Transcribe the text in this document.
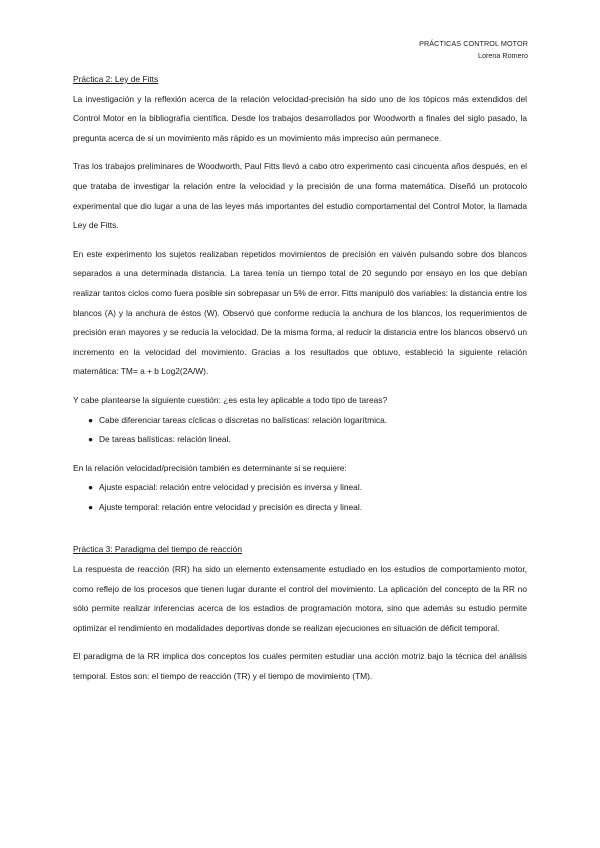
PRÁCTICAS CONTROL MOTOR
Lorena Romero
Práctica 2: Ley de Fitts

La investigación y la reflexión acerca de la relación velocidad-precisión ha sido uno de los tópicos más extendidos del Control Motor en la bibliografía científica. Desde los trabajos desarrollados por Woodworth a finales del siglo pasado, la pregunta acerca de si un movimiento más rápido es un movimiento más impreciso aún permanece.

Tras los trabajos preliminares de Woodworth, Paul Fitts llevó a cabo otro experimento casi cincuenta años después, en el que trataba de investigar la relación entre la velocidad y la precisión de una forma matemática. Diseñó un protocolo experimental que dio lugar a una de las leyes más importantes del estudio comportamental del Control Motor, la llamada Ley de Fitts.

En este experimento los sujetos realizaban repetidos movimientos de precisión en vaivén pulsando sobre dos blancos separados a una determinada distancia. La tarea tenía un tiempo total de 20 segundo por ensayo en los que debían realizar tantos ciclos como fuera posible sin sobrepasar un 5% de error. Fitts manipuló dos variables: la distancia entre los blancos (A) y la anchura de éstos (W). Observó que conforme reducía la anchura de los blancos, los requerimientos de precisión eran mayores y se reducía la velocidad. De la misma forma, al reducir la distancia entre los blancos observó un incremento en la velocidad del movimiento. Gracias a los resultados que obtuvo, estableció la siguiente relación matemática: TM= a + b Log2(2A/W).

Y cabe plantearse la siguiente cuestión: ¿es esta ley aplicable a todo tipo de tareas?

● Cabe diferenciar tareas cíclicas o discretas no balísticas: relación logarítmica.
● De tareas balísticas: relación lineal.

En la relación velocidad/precisión también es determinante si se requiere:

● Ajuste espacial: relación entre velocidad y precisión es inversa y lineal.
● Ajuste temporal: relación entre velocidad y precisión es directa y lineal.
Práctica 3: Paradigma del tiempo de reacción

La respuesta de reacción (RR) ha sido un elemento extensamente estudiado en los estudios de comportamiento motor, como reflejo de los procesos que tienen lugar durante el control del movimiento. La aplicación del concepto de la RR no sólo permite realizar inferencias acerca de los estadios de programación motora, sino que además su estudio permite optimizar el rendimiento en modalidades deportivas donde se realizan ejecuciones en situación de déficit temporal.

El paradigma de la RR implica dos conceptos los cuales permiten estudiar una acción motriz bajo la técnica del análisis temporal. Estos son: el tiempo de reacción (TR) y el tiempo de movimiento (TM).
